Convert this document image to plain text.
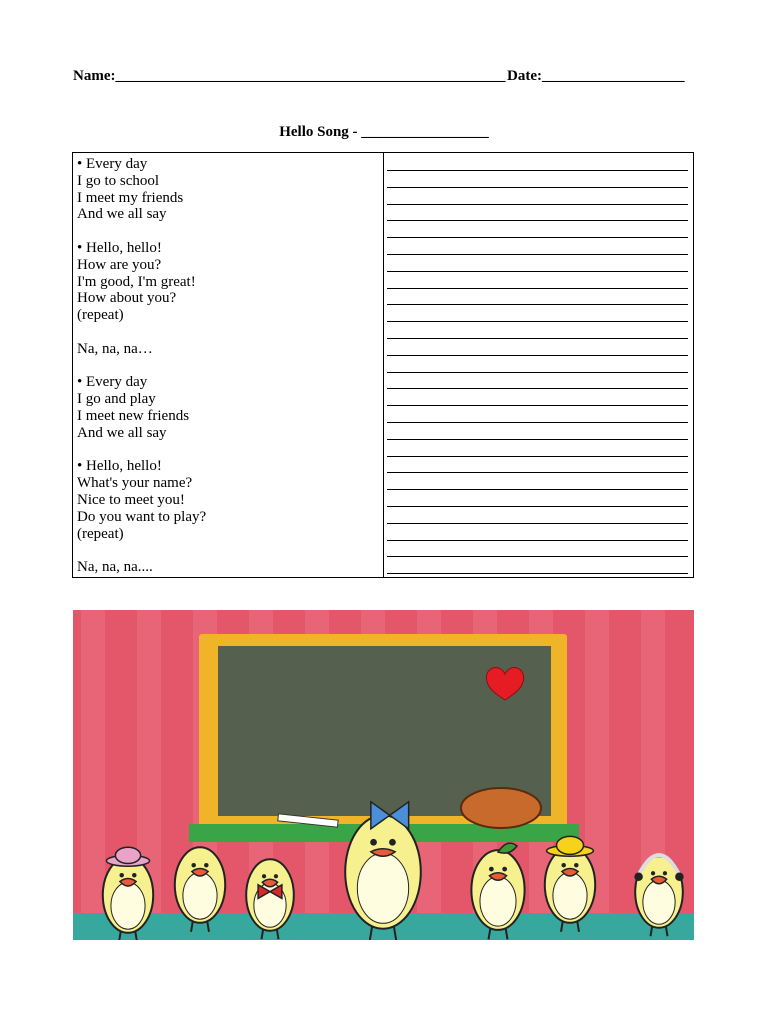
Name:____________________________________________________ Date:___________________
Hello Song - _________________
• Every day
I go to school
I meet my friends
And we all say
• Hello, hello!
How are you?
I'm good, I'm great!
How about you?
(repeat)
Na, na, na…
• Every day
I go and play
I meet new friends
And we all say
• Hello, hello!
What's your name?
Nice to meet you!
Do you want to play?
(repeat)
Na, na, na....
